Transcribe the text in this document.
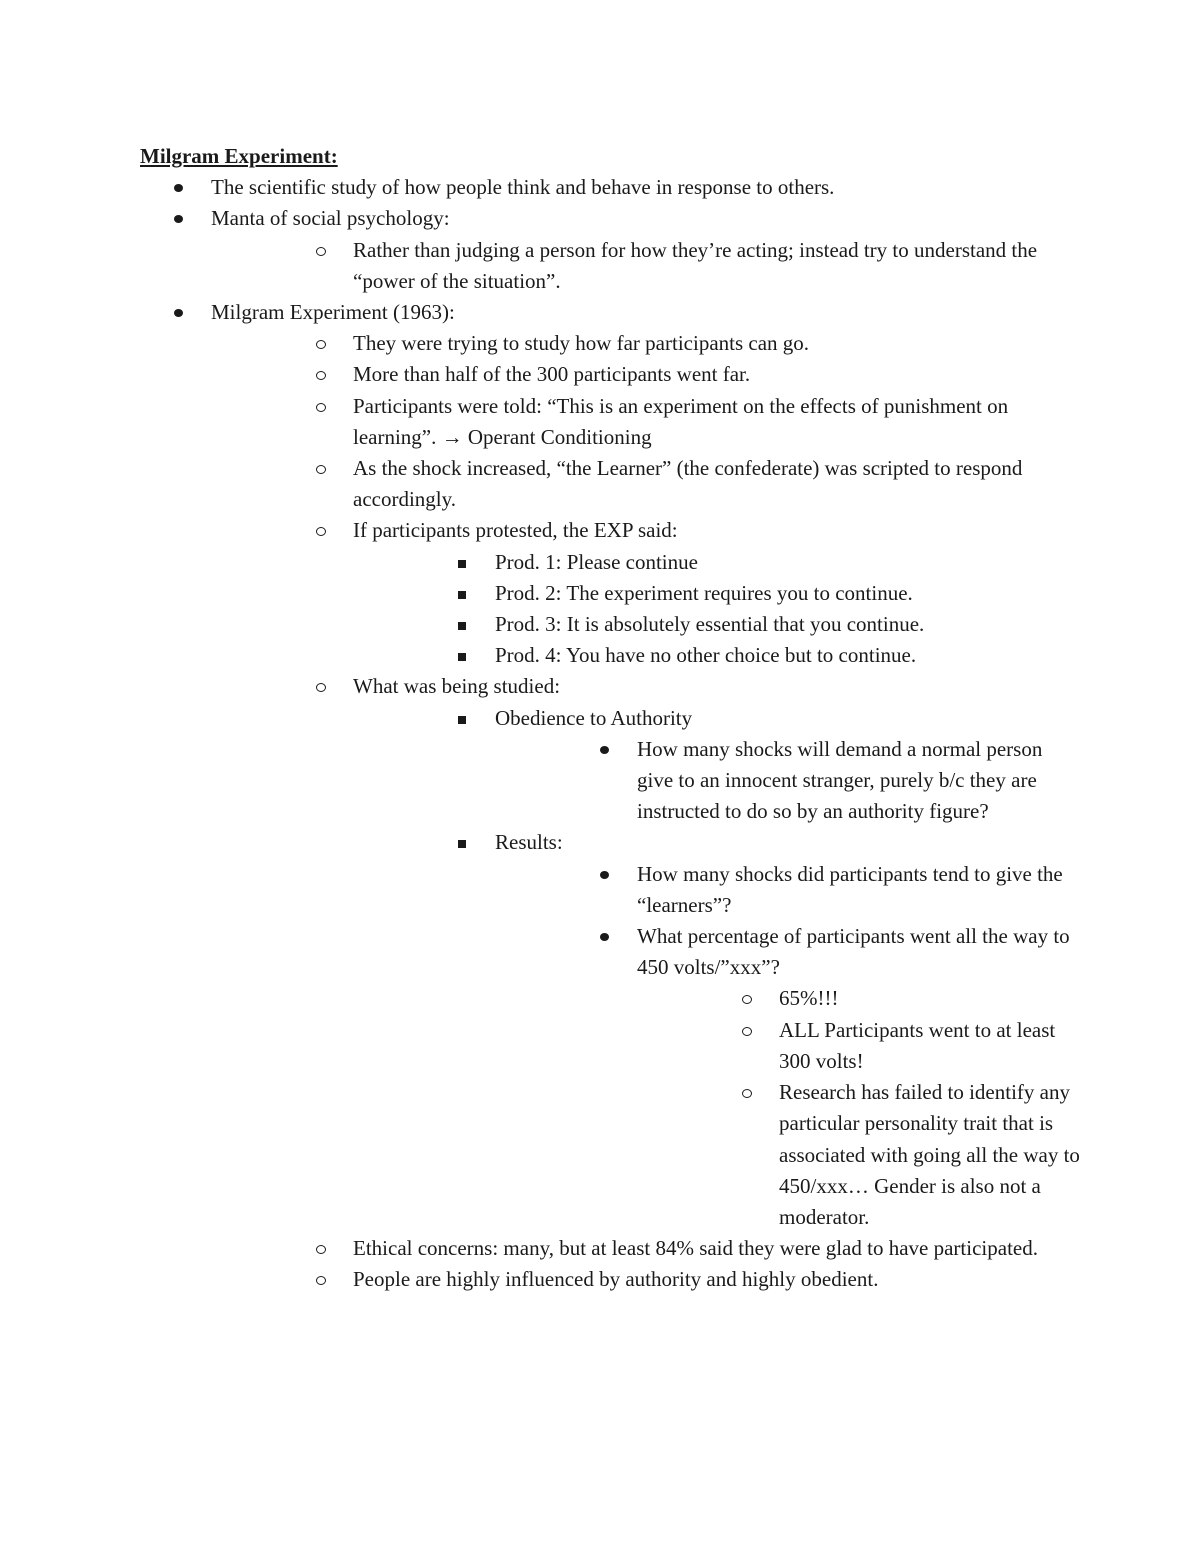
Milgram Experiment:

The scientific study of how people think and behave in response to others.
Manta of social psychology:
Rather than judging a person for how they’re acting; instead try to understand the “power of the situation”.
Milgram Experiment (1963):
They were trying to study how far participants can go.
More than half of the 300 participants went far.
Participants were told: “This is an experiment on the effects of punishment on learning”. → Operant Conditioning
As the shock increased, “the Learner” (the confederate) was scripted to respond accordingly.
If participants protested, the EXP said:
Prod. 1: Please continue
Prod. 2: The experiment requires you to continue.
Prod. 3: It is absolutely essential that you continue.
Prod. 4: You have no other choice but to continue.
What was being studied:
Obedience to Authority
How many shocks will demand a normal person give to an innocent stranger, purely b/c they are instructed to do so by an authority figure?
Results:
How many shocks did participants tend to give the “learners”?
What percentage of participants went all the way to 450 volts/”xxx”?
65%!!!
ALL Participants went to at least 300 volts!
Research has failed to identify any particular personality trait that is associated with going all the way to 450/xxx… Gender is also not a moderator.
Ethical concerns: many, but at least 84% said they were glad to have participated.
People are highly influenced by authority and highly obedient.
